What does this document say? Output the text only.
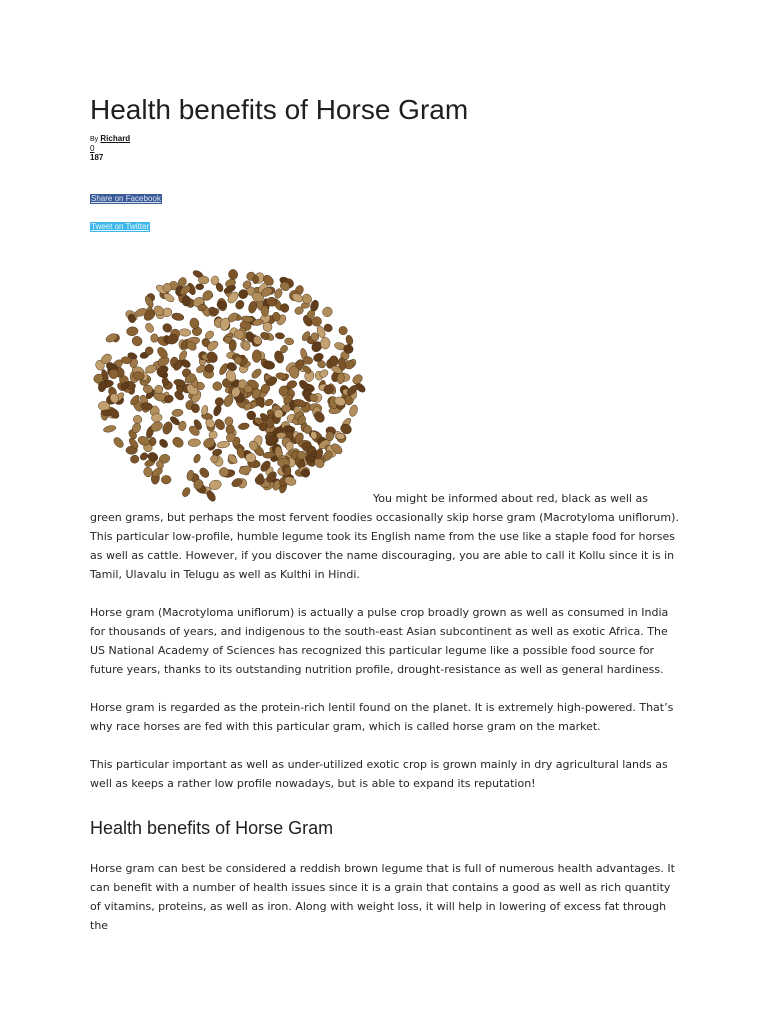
Health benefits of Horse Gram
By Richard
0
187
Share on Facebook
Tweet on Twitter

You might be informed about red, black as well as green grams, but perhaps the most fervent foodies occasionally skip horse gram (Macrotyloma uniflorum). This particular low-profile, humble legume took its English name from the use like a staple food for horses as well as cattle. However, if you discover the name discouraging, you are able to call it Kollu since it is in Tamil, Ulavalu in Telugu as well as Kulthi in Hindi.

Horse gram (Macrotyloma uniflorum) is actually a pulse crop broadly grown as well as consumed in India for thousands of years, and indigenous to the south-east Asian subcontinent as well as exotic Africa. The US National Academy of Sciences has recognized this particular legume like a possible food source for future years, thanks to its outstanding nutrition profile, drought-resistance as well as general hardiness.

Horse gram is regarded as the protein-rich lentil found on the planet. It is extremely high-powered. That’s why race horses are fed with this particular gram, which is called horse gram on the market.

This particular important as well as under-utilized exotic crop is grown mainly in dry agricultural lands as well as keeps a rather low profile nowadays, but is able to expand its reputation!

Health benefits of Horse Gram

Horse gram can best be considered a reddish brown legume that is full of numerous health advantages. It can benefit with a number of health issues since it is a grain that contains a good as well as rich quantity of vitamins, proteins, as well as iron. Along with weight loss, it will help in lowering of excess fat through the
